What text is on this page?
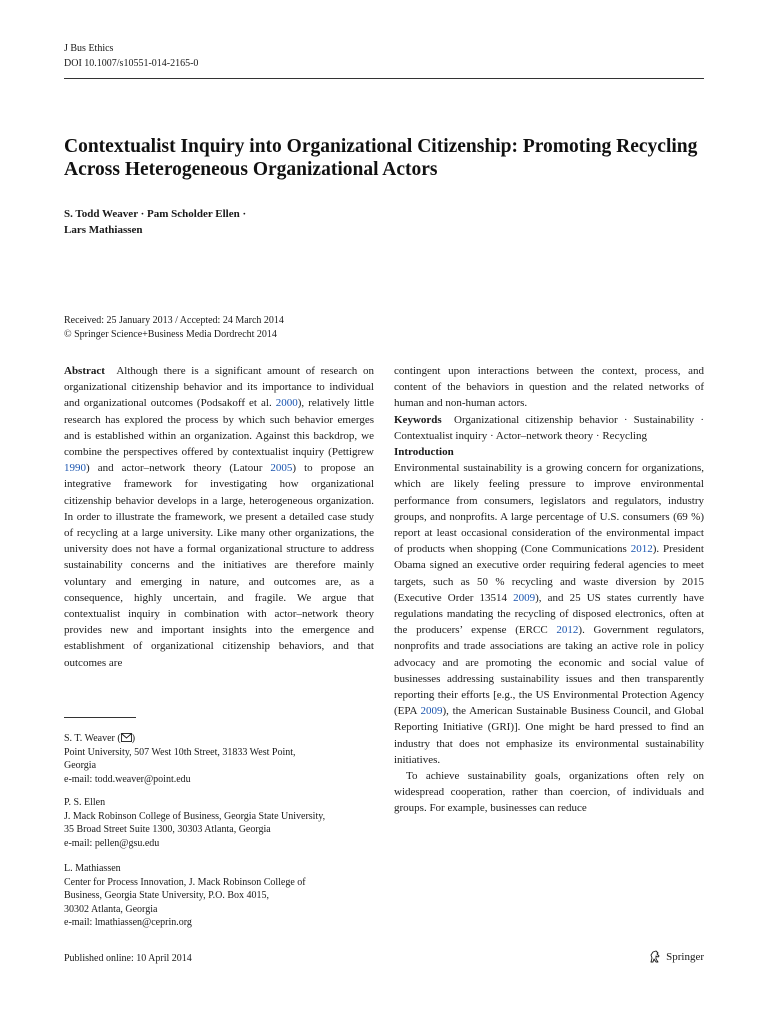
J Bus Ethics
DOI 10.1007/s10551-014-2165-0
Contextualist Inquiry into Organizational Citizenship: Promoting Recycling Across Heterogeneous Organizational Actors
S. Todd Weaver · Pam Scholder Ellen ·
Lars Mathiassen
Received: 25 January 2013 / Accepted: 24 March 2014
© Springer Science+Business Media Dordrecht 2014

Abstract Although there is a significant amount of research on organizational citizenship behavior and its importance to individual and organizational outcomes (Podsakoff et al. 2000), relatively little research has explored the process by which such behavior emerges and is established within an organization. Against this backdrop, we combine the perspectives offered by contextualist inquiry (Pettigrew 1990) and actor–network theory (Latour 2005) to propose an integrative framework for investigating how organizational citizenship behavior develops in a large, heterogeneous organization. In order to illustrate the framework, we present a detailed case study of recycling at a large university. Like many other organizations, the university does not have a formal organizational structure to address sustainability concerns and the initiatives are therefore mainly voluntary and emerging in nature, and outcomes are, as a consequence, highly uncertain, and fragile. We argue that contextualist inquiry in combination with actor–network theory provides new and important insights into the emergence and establishment of organizational citizenship behaviors, and that outcomes are

S. T. Weaver ( )

Point University, 507 West 10th Street, 31833 West Point,

Georgia

e-mail: todd.weaver@point.edu

P. S. Ellen

J. Mack Robinson College of Business, Georgia State University,

35 Broad Street Suite 1300, 30303 Atlanta, Georgia

e-mail: pellen@gsu.edu

L. Mathiassen

Center for Process Innovation, J. Mack Robinson College of

Business, Georgia State University, P.O. Box 4015,

30302 Atlanta, Georgia

e-mail: lmathiassen@ceprin.org

contingent upon interactions between the context, process, and content of the behaviors in question and the related networks of human and non-human actors.

Keywords Organizational citizenship behavior · Sustainability · Contextualist inquiry · Actor–network theory · Recycling

Introduction

Environmental sustainability is a growing concern for organizations, which are likely feeling pressure to improve environmental performance from consumers, legislators and regulators, industry groups, and nonprofits. A large percentage of U.S. consumers (69 %) report at least occasional consideration of the environmental impact of products when shopping (Cone Communications 2012). President Obama signed an executive order requiring federal agencies to meet targets, such as 50 % recycling and waste diversion by 2015 (Executive Order 13514 2009), and 25 US states currently have regulations mandating the recycling of disposed electronics, often at the producers’ expense (ERCC 2012). Government regulators, nonprofits and trade associations are taking an active role in policy advocacy and are promoting the economic and social value of businesses addressing sustainability issues and then transparently reporting their efforts [e.g., the US Environmental Protection Agency (EPA 2009), the American Sustainable Business Council, and Global Reporting Initiative (GRI)]. One might be hard pressed to find an industry that does not emphasize its environmental sustainability initiatives.

To achieve sustainability goals, organizations often rely on widespread cooperation, rather than coercion, of individuals and groups. For example, businesses can reduce

Published online: 10 April 2014	Springer
